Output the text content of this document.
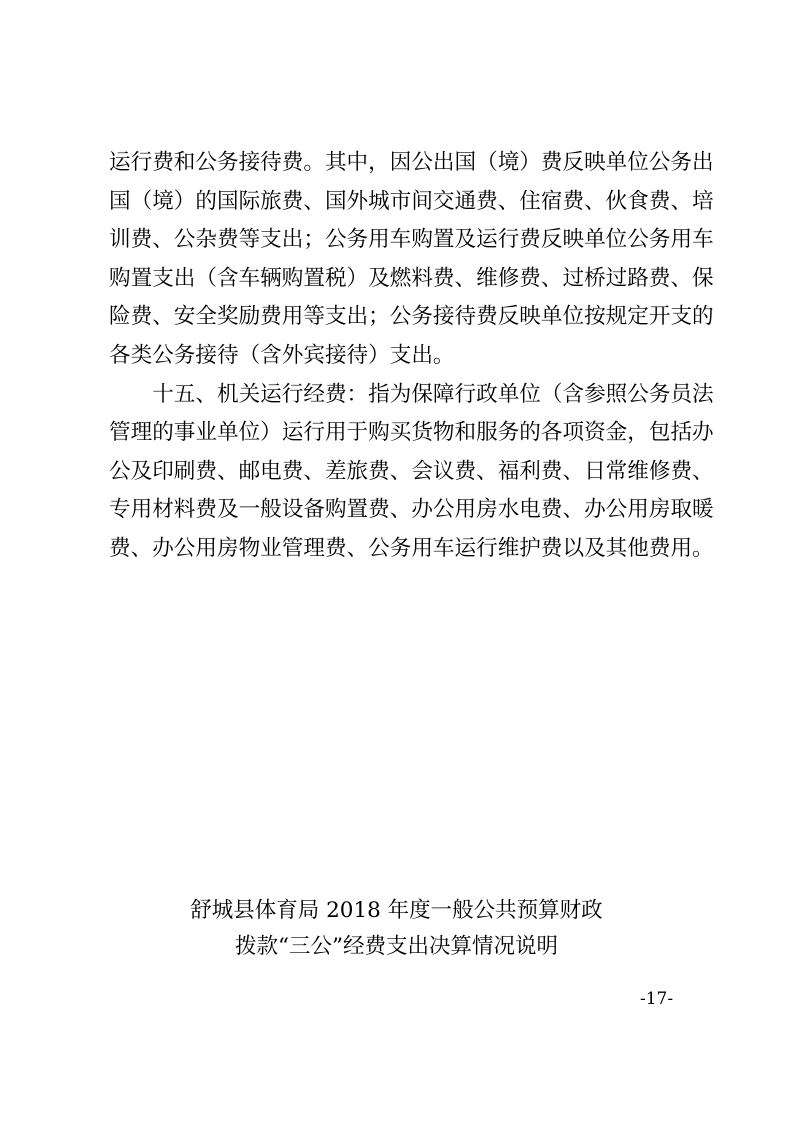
运行费和公务接待费。其中，因公出国（境）费反映单位公务出
国（境）的国际旅费、国外城市间交通费、住宿费、伙食费、培
训费、公杂费等支出；公务用车购置及运行费反映单位公务用车
购置支出（含车辆购置税）及燃料费、维修费、过桥过路费、保
险费、安全奖励费用等支出；公务接待费反映单位按规定开支的
各类公务接待（含外宾接待）支出。
　　十五、机关运行经费：指为保障行政单位（含参照公务员法
管理的事业单位）运行用于购买货物和服务的各项资金，包括办
公及印刷费、邮电费、差旅费、会议费、福利费、日常维修费、
专用材料费及一般设备购置费、办公用房水电费、办公用房取暖
费、办公用房物业管理费、公务用车运行维护费以及其他费用。
舒城县体育局 2018 年度一般公共预算财政
拨款“三公”经费支出决算情况说明
-17-
